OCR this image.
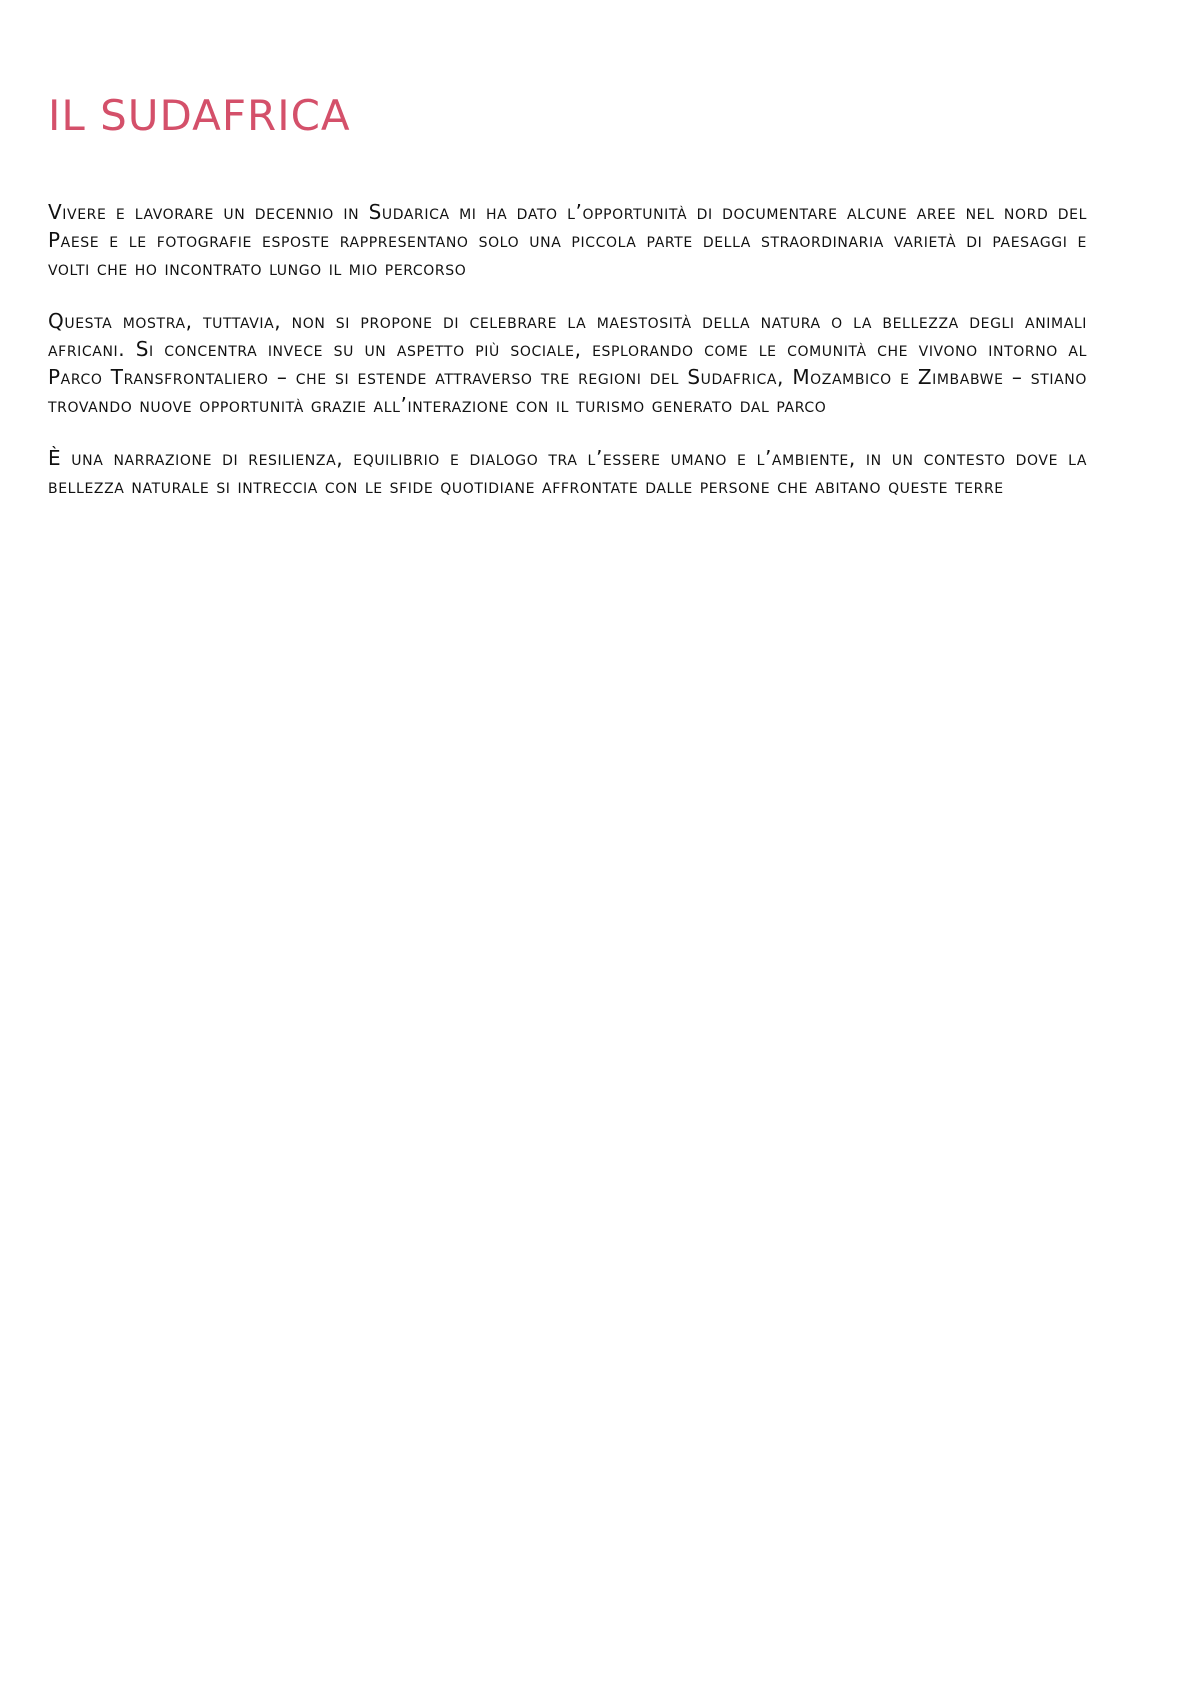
IL SUDAFRICA

Vivere e lavorare un decennio in Sudarica mi ha dato l’opportunità di documentare alcune aree nel nord del Paese e le fotografie esposte rappresentano solo una piccola parte della straordinaria varietà di paesaggi e volti che ho incontrato lungo il mio percorso

Questa mostra, tuttavia, non si propone di celebrare la maestosità della natura o la bellezza degli animali africani. Si concentra invece su un aspetto più sociale, esplorando come le comunità che vivono intorno al Parco Transfrontaliero – che si estende attraverso tre regioni del Sudafrica, Mozambico e Zimbabwe – stiano trovando nuove opportunità grazie all’interazione con il turismo generato dal parco

È una narrazione di resilienza, equilibrio e dialogo tra l’essere umano e l’ambiente, in un contesto dove la bellezza naturale si intreccia con le sfide quotidiane affrontate dalle persone che abitano queste terre
